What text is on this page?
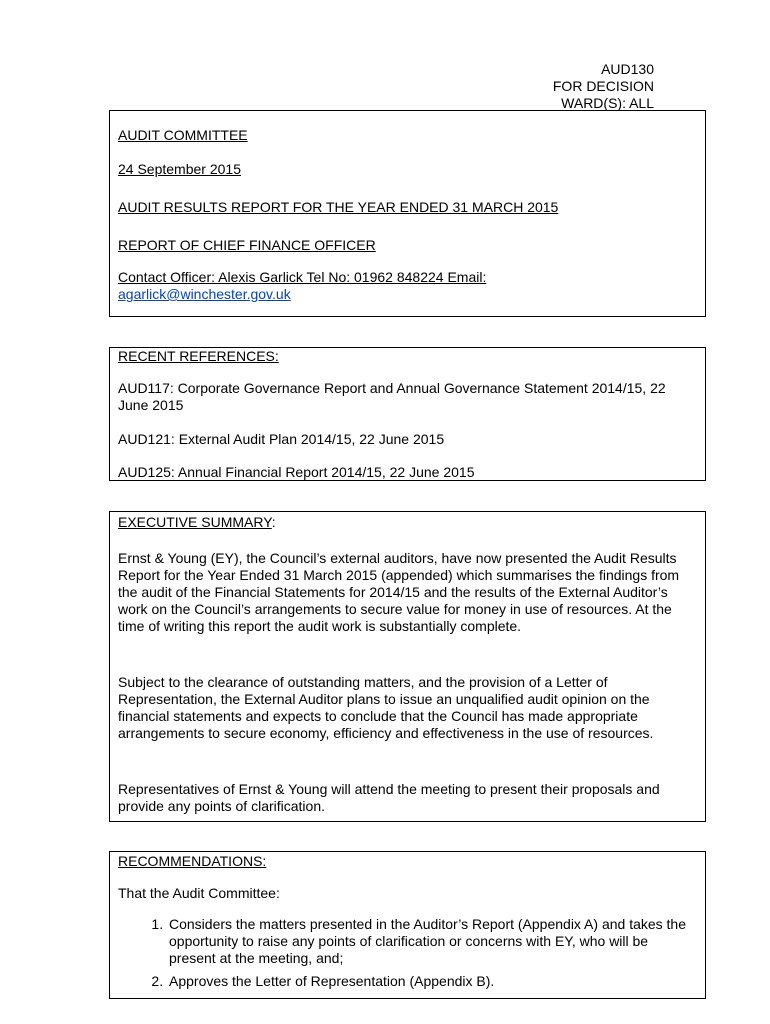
AUD130
FOR DECISION
WARD(S): ALL

AUDIT COMMITTEE

24 September 2015

AUDIT RESULTS REPORT FOR THE YEAR ENDED 31 MARCH 2015

REPORT OF CHIEF FINANCE OFFICER

Contact Officer: Alexis Garlick Tel No: 01962 848224 Email:
agarlick@winchester.gov.uk

RECENT REFERENCES:

AUD117: Corporate Governance Report and Annual Governance Statement 2014/15, 22 June 2015

AUD121: External Audit Plan 2014/15, 22 June 2015

AUD125: Annual Financial Report 2014/15, 22 June 2015

EXECUTIVE SUMMARY:

Ernst & Young (EY), the Council’s external auditors, have now presented the Audit Results Report for the Year Ended 31 March 2015 (appended) which summarises the findings from the audit of the Financial Statements for 2014/15 and the results of the External Auditor’s work on the Council’s arrangements to secure value for money in use of resources. At the time of writing this report the audit work is substantially complete.

Subject to the clearance of outstanding matters, and the provision of a Letter of Representation, the External Auditor plans to issue an unqualified audit opinion on the financial statements and expects to conclude that the Council has made appropriate arrangements to secure economy, efficiency and effectiveness in the use of resources.

Representatives of Ernst & Young will attend the meeting to present their proposals and provide any points of clarification.

RECOMMENDATIONS:

That the Audit Committee:

1. Considers the matters presented in the Auditor’s Report (Appendix A) and takes the opportunity to raise any points of clarification or concerns with EY, who will be present at the meeting, and;
2. Approves the Letter of Representation (Appendix B).
